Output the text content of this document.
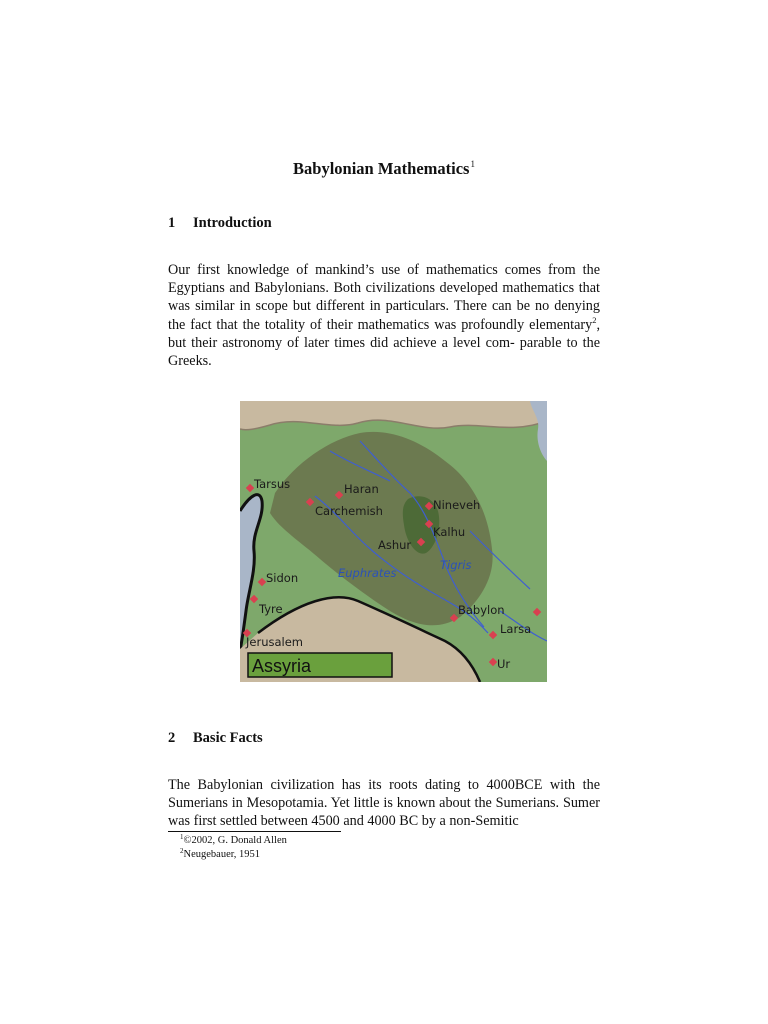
Babylonian Mathematics$^1$
1 Introduction

Our first knowledge of mankind’s use of mathematics comes from the Egyptians and Babylonians. Both civilizations developed mathematics that was similar in scope but different in particulars. There can be no denying the fact that the totality of their mathematics was profoundly elementary$^2$, but their astronomy of later times did achieve a level com- parable to the Greeks.

Tarsus	Haran
Carchemish	Nineveh
Kalhu
Ashur
Sidon
Tyre
Jerusalem
Babylon
Larsa
Ur
Euphrates
Tigris
Assyria
2 Basic Facts

The Babylonian civilization has its roots dating to 4000BCE with the Sumerians in Mesopotamia. Yet little is known about the Sumerians. Sumer was first settled between 4500 and 4000 BC by a non-Semitic

$^1$©2002, G. Donald Allen

$^2$Neugebauer, 1951
